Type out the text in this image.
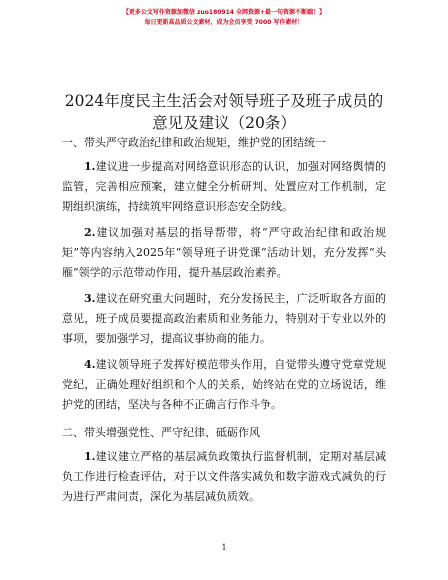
【更多公文写作资源加微信 zuo180914 全网资源+最一句资源不断踹！】
每日更新高品质公文素材，成为会员享受 7000 写作素材！
2024年度民主生活会对领导班子及班子成员的
意见及建议（20条）

一、带头严守政治纪律和政治规矩，维护党的团结统一

1.建议进一步提高对网络意识形态的认识，加强对网络舆情的监管，完善相应预案，建立健全分析研判、处置应对工作机制，定期组织演练，持续筑牢网络意识形态安全防线。

2.建议加强对基层的指导帮带，将“严守政治纪律和政治规矩”等内容纳入2025年“领导班子讲党课”活动计划，充分发挥“头雁”领学的示范带动作用，提升基层政治素养。

3.建议在研究重大问题时，充分发扬民主，广泛听取各方面的意见，班子成员要提高政治素质和业务能力，特别对于专业以外的事项，要加强学习，提高议事协商的能力。

4.建议领导班子发挥好模范带头作用，自觉带头遵守党章党规党纪，正确处理好组织和个人的关系，始终站在党的立场说话，维护党的团结，坚决与各种不正确言行作斗争。

二、带头增强党性、严守纪律、砥砺作风

1.建议建立严格的基层减负政策执行监督机制，定期对基层减负工作进行检查评估，对于以文件落实减负和数字游戏式减负的行为进行严肃问责，深化为基层减负质效。

1
